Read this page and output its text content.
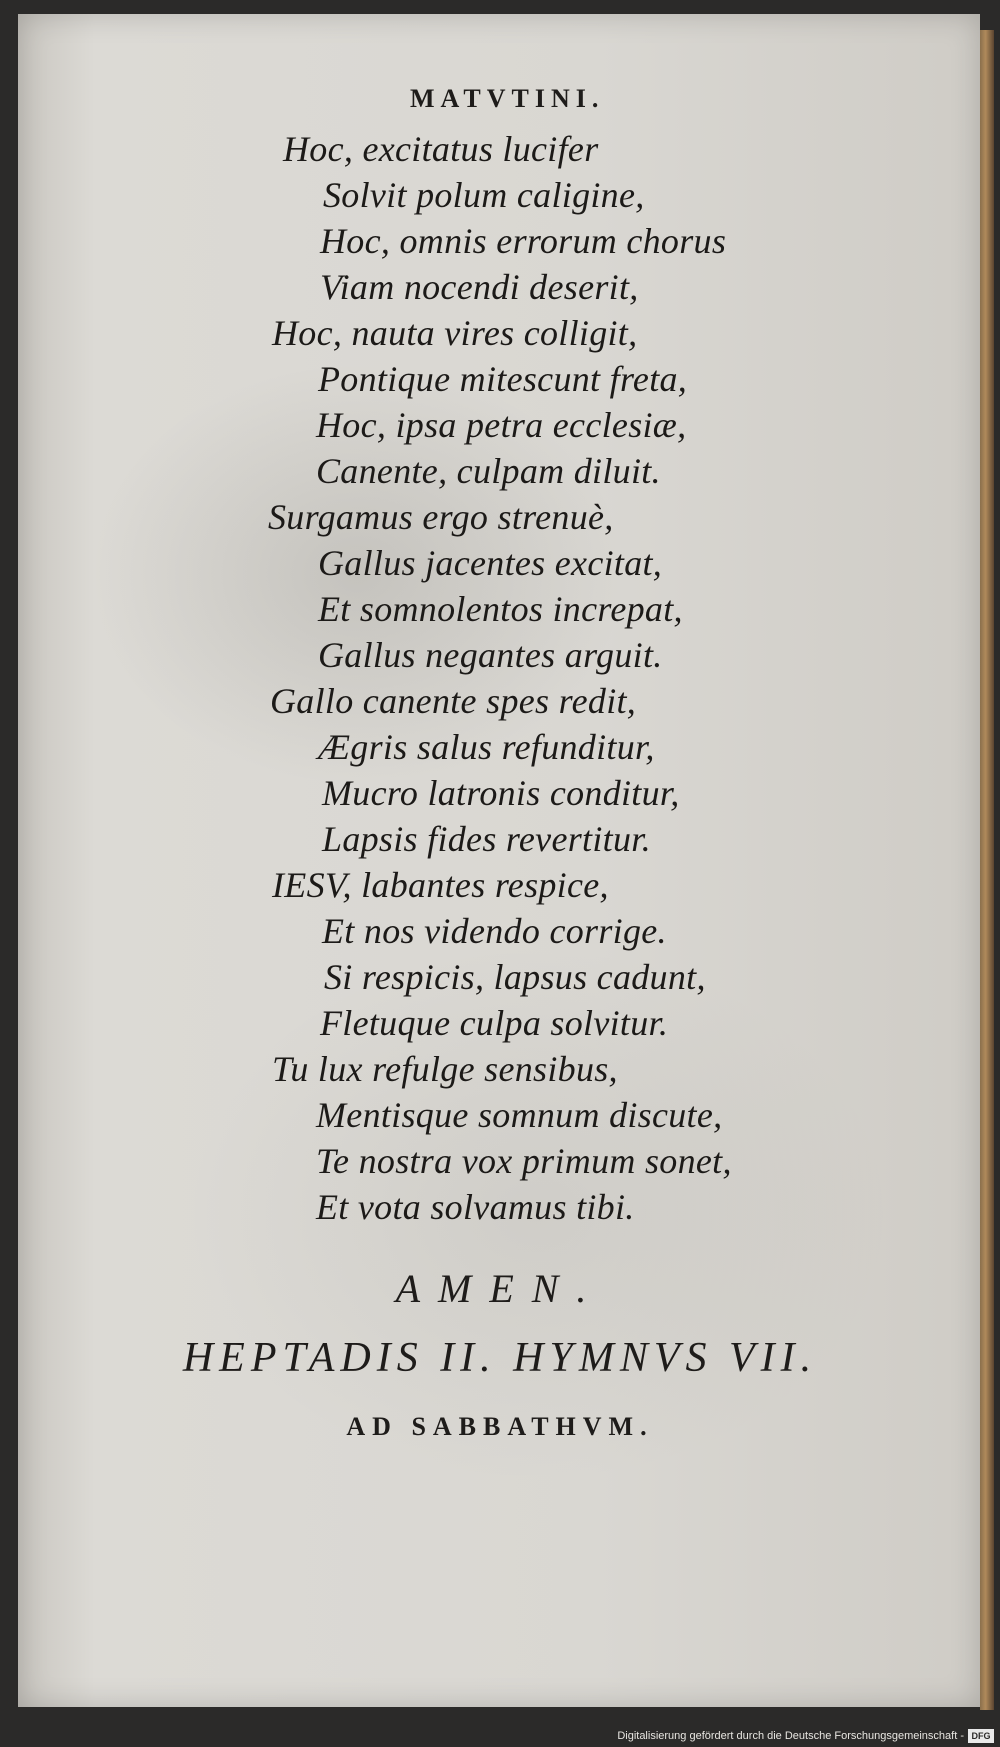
MATVTINI.
Hoc, excitatus lucifer
Solvit polum caligine,
Hoc, omnis errorum chorus
Viam nocendi deserit,
Hoc, nauta vires colligit,
Pontique mitescunt freta,
Hoc, ipsa petra ecclesiæ,
Canente, culpam diluit.
Surgamus ergo strenuè,
Gallus jacentes excitat,
Et somnolentos increpat,
Gallus negantes arguit.
Gallo canente spes redit,
Ægris salus refunditur,
Mucro latronis conditur,
Lapsis fides revertitur.
IESV, labantes respice,
Et nos videndo corrige.
Si respicis, lapsus cadunt,
Fletuque culpa solvitur.
Tu lux refulge sensibus,
Mentisque somnum discute,
Te nostra vox primum sonet,
Et vota solvamus tibi.
AMEN.
HEPTADIS II. HYMNVS VII.
AD SABBATHVM.
Digitalisierung gefördert durch die Deutsche Forschungsgemeinschaft - DFG
